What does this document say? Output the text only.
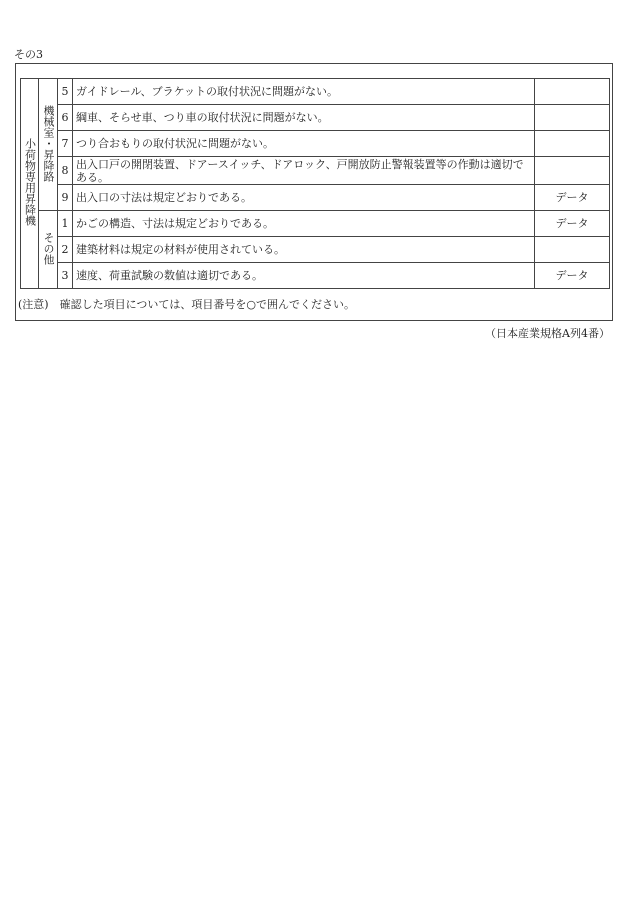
その3
小荷物専用昇降機	機械室・昇降路	5	ガイドレール、ブラケットの取付状況に問題がない。	
		6	綱車、そらせ車、つり車の取付状況に問題がない。	
		7	つり合おもりの取付状況に問題がない。	
		8	出入口戸の開閉装置、ドアースイッチ、ドアロック、戸開放防止警報装置等の作動は適切である。	
		9	出入口の寸法は規定どおりである。	データ
	その他	1	かごの構造、寸法は規定どおりである。	データ
		2	建築材料は規定の材料が使用されている。	
		3	速度、荷重試験の数値は適切である。	データ
(注意)　確認した項目については、項目番号を○で囲んでください。
（日本産業規格A列4番）
